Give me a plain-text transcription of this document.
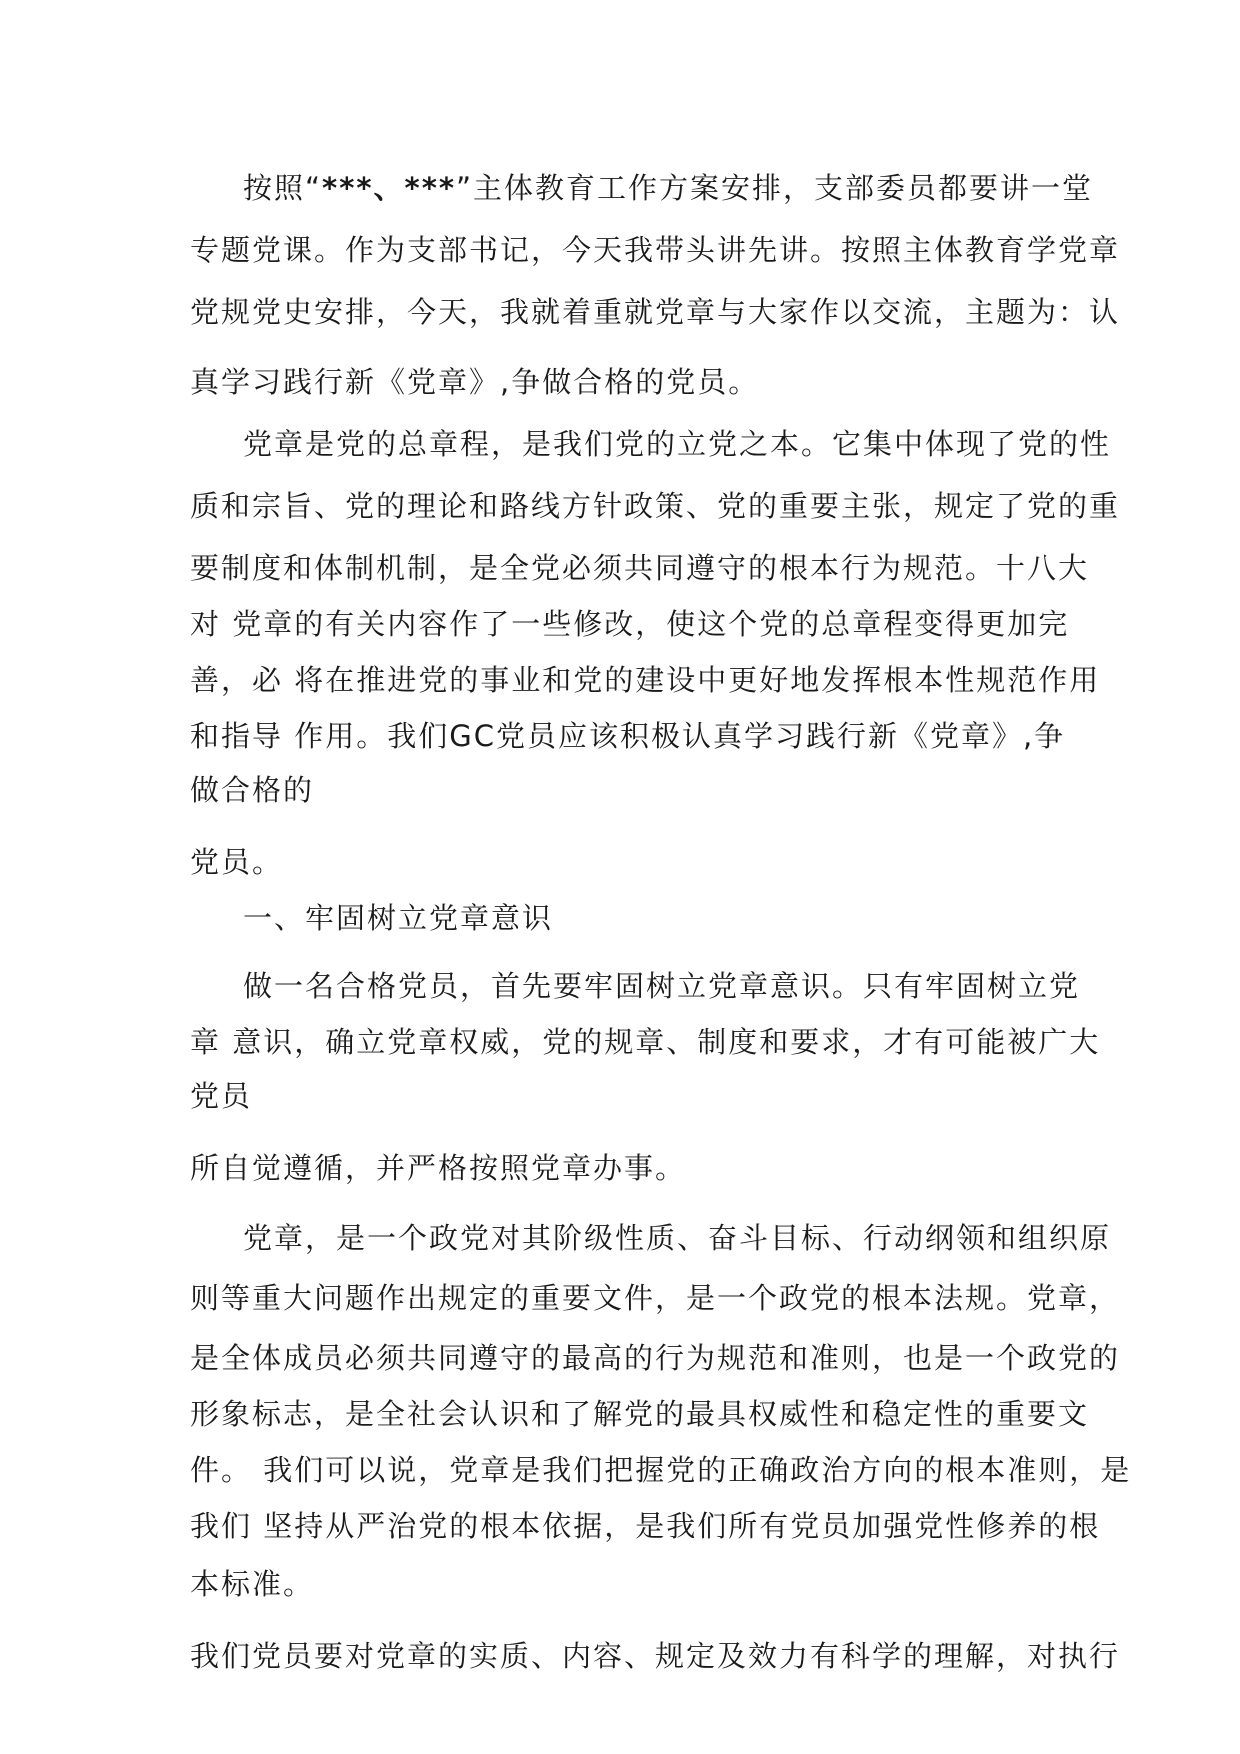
按照“***、***”主体教育工作方案安排，支部委员都要讲一堂
专题党课。作为支部书记，今天我带头讲先讲。按照主体教育学党章
党规党史安排，今天，我就着重就党章与大家作以交流，主题为：认
真学习践行新《党章》,争做合格的党员。
党章是党的总章程，是我们党的立党之本。它集中体现了党的性
质和宗旨、党的理论和路线方针政策、党的重要主张，规定了党的重
要制度和体制机制，是全党必须共同遵守的根本行为规范。十八大
对 党章的有关内容作了一些修改，使这个党的总章程变得更加完
善，必 将在推进党的事业和党的建设中更好地发挥根本性规范作用
和指导 作用。我们GC党员应该积极认真学习践行新《党章》,争
做合格的
党员。
一、牢固树立党章意识
做一名合格党员，首先要牢固树立党章意识。只有牢固树立党
章 意识，确立党章权威，党的规章、制度和要求，才有可能被广大
党员
所自觉遵循，并严格按照党章办事。
党章，是一个政党对其阶级性质、奋斗目标、行动纲领和组织原
则等重大问题作出规定的重要文件，是一个政党的根本法规。党章，
是全体成员必须共同遵守的最高的行为规范和准则，也是一个政党的
形象标志，是全社会认识和了解党的最具权威性和稳定性的重要文
件。 我们可以说，党章是我们把握党的正确政治方向的根本准则，是
我们 坚持从严治党的根本依据，是我们所有党员加强党性修养的根
本标准。
我们党员要对党章的实质、内容、规定及效力有科学的理解，对执行
